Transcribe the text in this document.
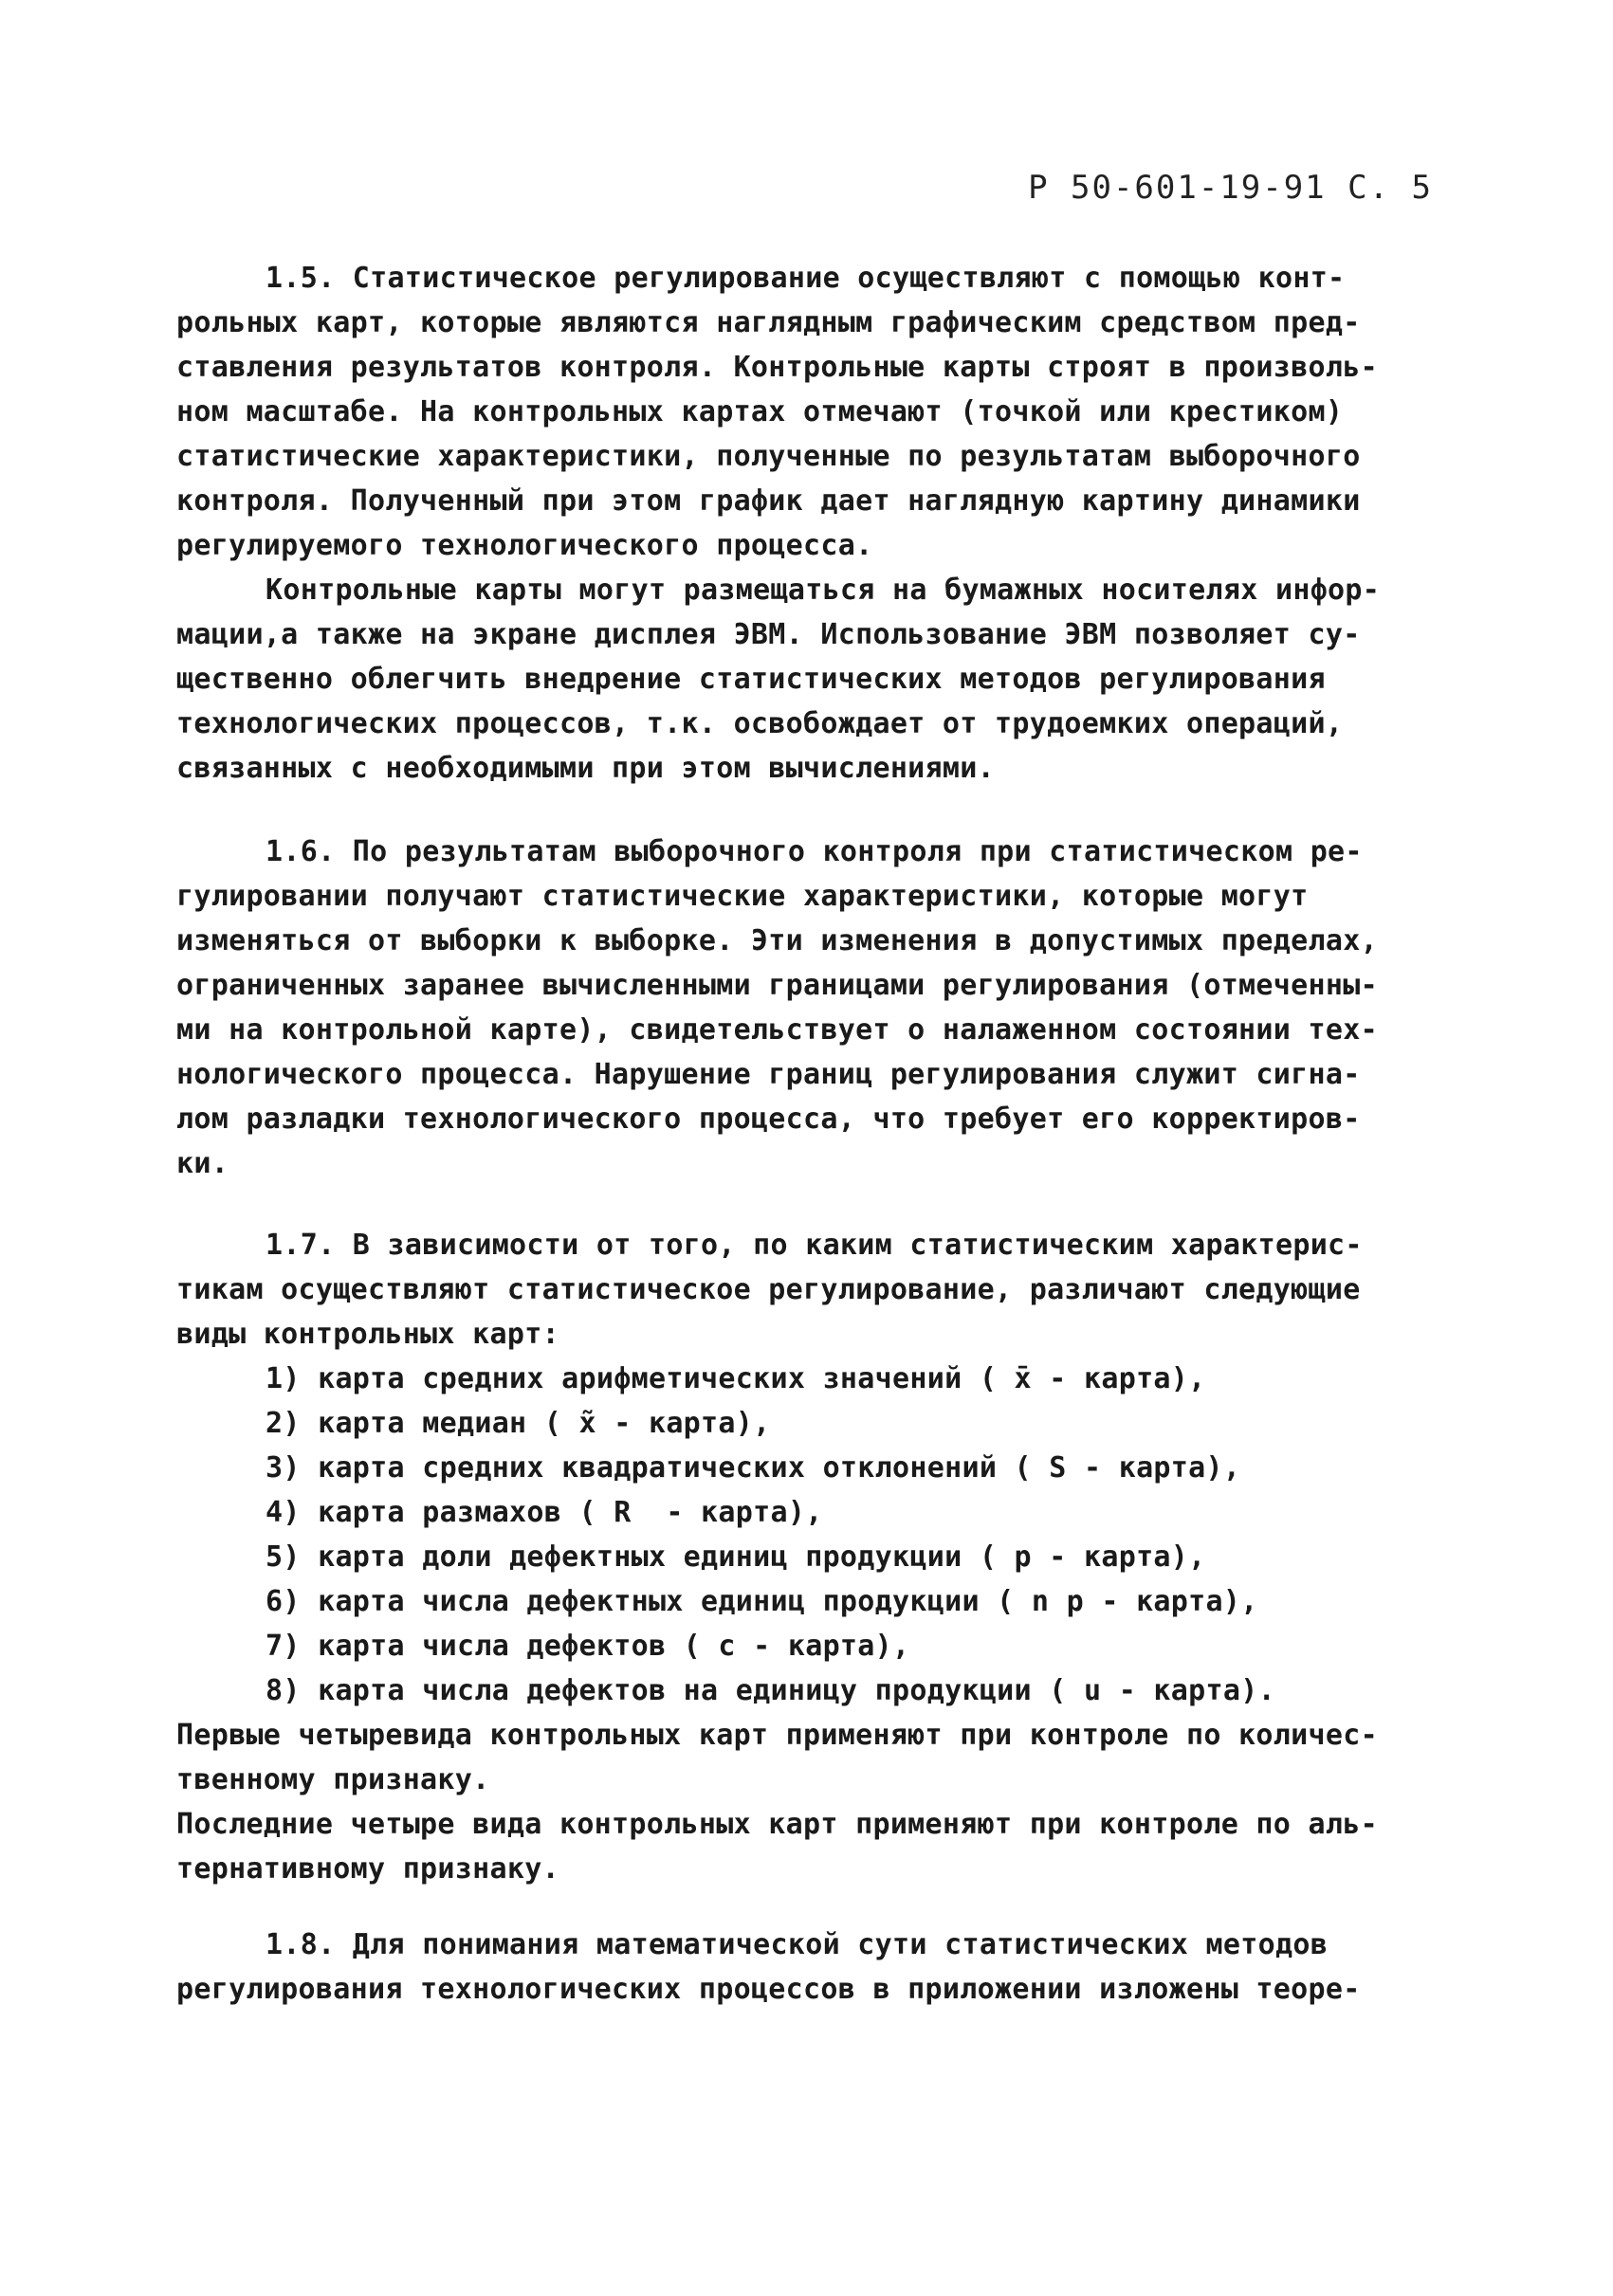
Р 50-601-19-91 С. 5
1.5. Статистическое регулирование осуществляют с помощью конт-
рольных карт, которые являются наглядным графическим средством пред-
ставления результатов контроля. Контрольные карты строят в произволь-
ном масштабе. На контрольных картах отмечают (точкой или крестиком)
статистические характеристики, полученные по результатам выборочного
контроля. Полученный при этом график дает наглядную картину динамики
регулируемого технологического процесса.
Контрольные карты могут размещаться на бумажных носителях инфор-
мации,а также на экране дисплея ЭВМ. Использование ЭВМ позволяет су-
щественно облегчить внедрение статистических методов регулирования
технологических процессов, т.к. освобождает от трудоемких операций,
связанных с необходимыми при этом вычислениями.
1.6. По результатам выборочного контроля при статистическом ре-
гулировании получают статистические характеристики, которые могут
изменяться от выборки к выборке. Эти изменения в допустимых пределах,
ограниченных заранее вычисленными границами регулирования (отмеченны-
ми на контрольной карте), свидетельствует о налаженном состоянии тех-
нологического процесса. Нарушение границ регулирования служит сигна-
лом разладки технологического процесса, что требует его корректиров-
ки.
1.7. В зависимости от того, по каким статистическим характерис-
тикам осуществляют статистическое регулирование, различают следующие
виды контрольных карт:
1) карта средних арифметических значений ( x̄ - карта),
2) карта медиан ( x̃ - карта),
3) карта средних квадратических отклонений ( S - карта),
4) карта размахов ( R  - карта),
5) карта доли дефектных единиц продукции ( p - карта),
6) карта числа дефектных единиц продукции ( n p - карта),
7) карта числа дефектов ( c - карта),
8) карта числа дефектов на единицу продукции ( u - карта).
Первые четыревида контрольных карт применяют при контроле по количес-
твенному признаку.
Последние четыре вида контрольных карт применяют при контроле по аль-
тернативному признаку.
1.8. Для понимания математической сути статистических методов
регулирования технологических процессов в приложении изложены теоре-
